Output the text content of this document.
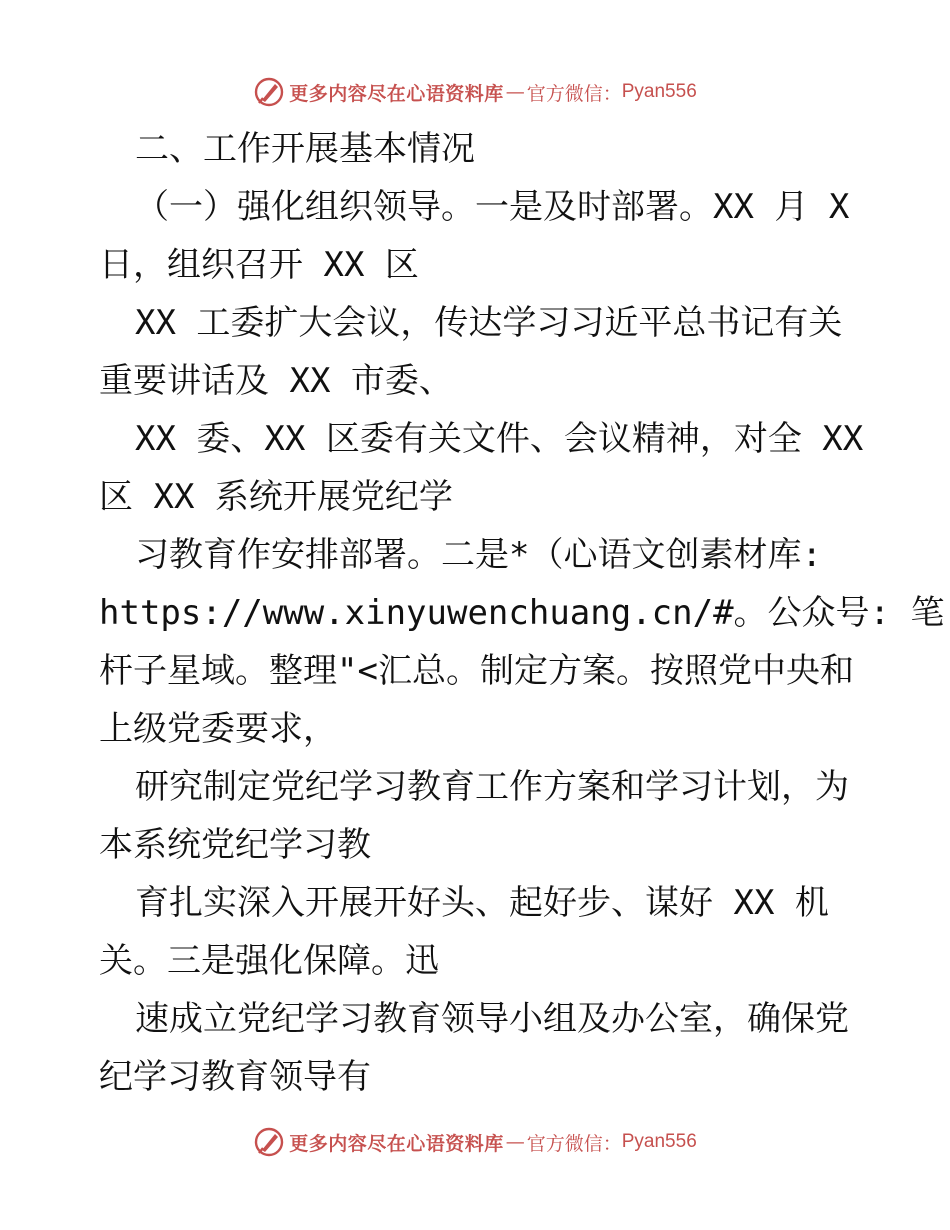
更多内容尽在心语资料库 — 官方微信： Pyan556

二、工作开展基本情况

（一）强化组织领导。一是及时部署。XX 月 X

日，组织召开 XX 区

XX 工委扩大会议，传达学习习近平总书记有关

重要讲话及 XX 市委、

XX 委、XX 区委有关文件、会议精神，对全 XX

区 XX 系统开展党纪学

习教育作安排部署。二是*（心语文创素材库:

https://www.xinyuwenchuang.cn/#。公众号: 笔

杆子星域。整理"<汇总。制定方案。按照党中央和

上级党委要求，

研究制定党纪学习教育工作方案和学习计划，为

本系统党纪学习教

育扎实深入开展开好头、起好步、谋好 XX 机

关。三是强化保障。迅

速成立党纪学习教育领导小组及办公室，确保党

纪学习教育领导有

更多内容尽在心语资料库 — 官方微信： Pyan556
